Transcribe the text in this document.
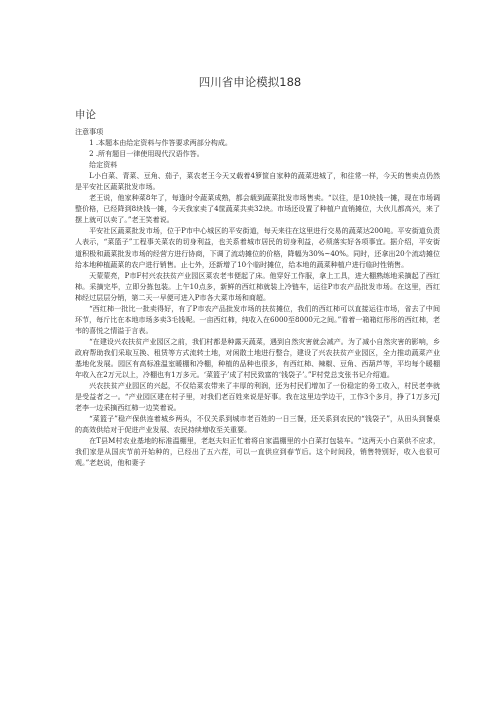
四川省申论模拟188
申论

注意事项

1 .本题本由给定资料与作答要求两部分构成。

2 .所有题目一律使用现代汉语作答。

给定资料

L小白菜、青菜、豆角、茄子，菜农老王今天又载着4箩筐自家种的蔬菜进城了，和往常一样，今天的售卖点仍然是平安社区蔬菜批发市场。

老王说，他家种菜8年了，每逢时令蔬菜成熟，都会载到蔬菜批发市场售卖。“以往，是10块钱一摊，现在市场调整价格，已经降到8块钱一摊，今天我家卖了4筐蔬菜共卖32块。市场还设置了种植户直销摊位，大伙儿都高兴，来了摆上就可以卖了。”老王笑着说。

平安社区蔬菜批发市场，位于P市中心城区的平安街道，每天来往在这里进行交易的蔬菜达200吨。平安街道负责人表示，“菜篮子”工程事关菜农的切身利益，也关系着城市居民的切身利益，必须落实好各项事宜。据介绍，平安街道积极和蔬菜批发市场的经营方进行协商，下调了流动摊位的价格，降幅为30%~40%。同时，还拿出20个流动摊位给本地种植蔬菜的农户进行销售。止七外，还新增了10个临时摊位，给本地的蔬菜种植户进行临时性销售。

天蒙蒙亮，P市F村兴农扶贫产业园区菜农老韦便起了床。他穿好工作服，拿上工具，进大棚熟练地采摘起了西红柿。采摘完毕，立即分拣包装。上午10点多，新鲜的西红柿就装上冷链车，运往P市农产品批发市场。在这里，西红柿经过层层分销，第二天一早便可进入P市各大菜市场和商超。

“西红柿一批比一批卖得好，有了P市农产品批发市场的扶贫摊位，我们的西红柿可以直接运往市场，省去了中间环节，每斤比在本地市场多卖3毛钱呢。一亩西红柿，纯收入在6000至8000元之间。”看着一箱箱红彤彤的西红柿，老韦的喜悦之情溢于言表。

“在建设兴农扶贫产业园区之前，我们村都是种露天蔬菜，遇到自然灾害就会减产。为了减小自然灾害的影响，乡政府帮助我们采取互换、租赁等方式流转土地，对闲散土地进行整合，建设了兴农扶贫产业园区，全力推动蔬菜产业基地化发展。园区有高标准温室暖棚和冷棚，种植的品种也很多，有西红柿、辣椒、豆角、西葫芦等，平均每个暖棚年收入在2万元以上，冷棚也有1万多元。‘菜篮子’成了村民致富的‘钱袋子’。”F村党总支张书记介绍道。

兴农扶贫产业园区的兴起，不仅给菜农带来了丰厚的利润，还为村民们增加了一份稳定的务工收入，村民老李就是受益者之一。“产业园区建在村子里，对我们老百姓来说是好事。我在这里边学边干，工作3个多月，挣了1万多元J老李一边采摘西红柿一边笑着说。

“菜篮子”稳产保供连着城乡两头，不仅关系到城市老百姓的一日三餐，还关系到农民的“钱袋子”，从田头到餐桌的高效供给对于促进产业发展、农民持续增收至关重要。

在T县M村农业基地的标准温棚里，老赵夫妇正忙着将自家温棚里的小白菜打包装车。“这两天小白菜供不应求，我们家是从国庆节前开始种的，已经出了五六茬，可以一直供应到春节后。这个时间段，销售特别好，收入也很可观。”老赵说，他和妻子
